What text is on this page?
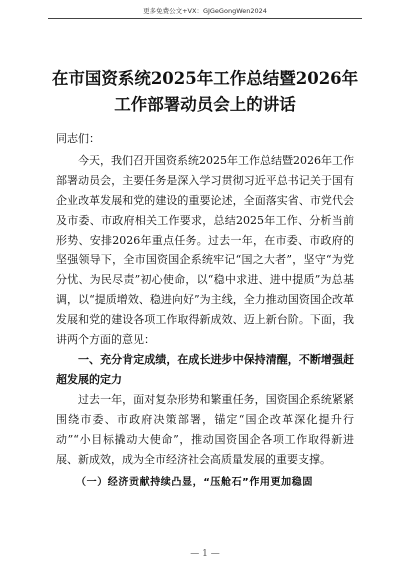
更多免费公文+VX：GJGeGongWen2024
在市国资系统2025年工作总结暨2026年
工作部署动员会上的讲话

同志们：

今天，我们召开国资系统2025年工作总结暨2026年工作部署动员会，主要任务是深入学习贯彻习近平总书记关于国有企业改革发展和党的建设的重要论述，全面落实省、市党代会及市委、市政府相关工作要求，总结2025年工作、分析当前形势、安排2026年重点任务。过去一年，在市委、市政府的坚强领导下，全市国资国企系统牢记“国之大者”，坚守“为党分忧、为民尽责”初心使命，以“稳中求进、进中提质”为总基调，以“提质增效、稳进向好”为主线，全力推动国资国企改革发展和党的建设各项工作取得新成效、迈上新台阶。下面，我讲两个方面的意见：

一、充分肯定成绩，在成长进步中保持清醒，不断增强赶超发展的定力

过去一年，面对复杂形势和繁重任务，国资国企系统紧紧围绕市委、市政府决策部署，锚定“国企改革深化提升行动”“小目标撬动大使命”，推动国资国企各项工作取得新进展、新成效，成为全市经济社会高质量发展的重要支撑。

（一）经济贡献持续凸显，“压舱石”作用更加稳固

— 1 —
